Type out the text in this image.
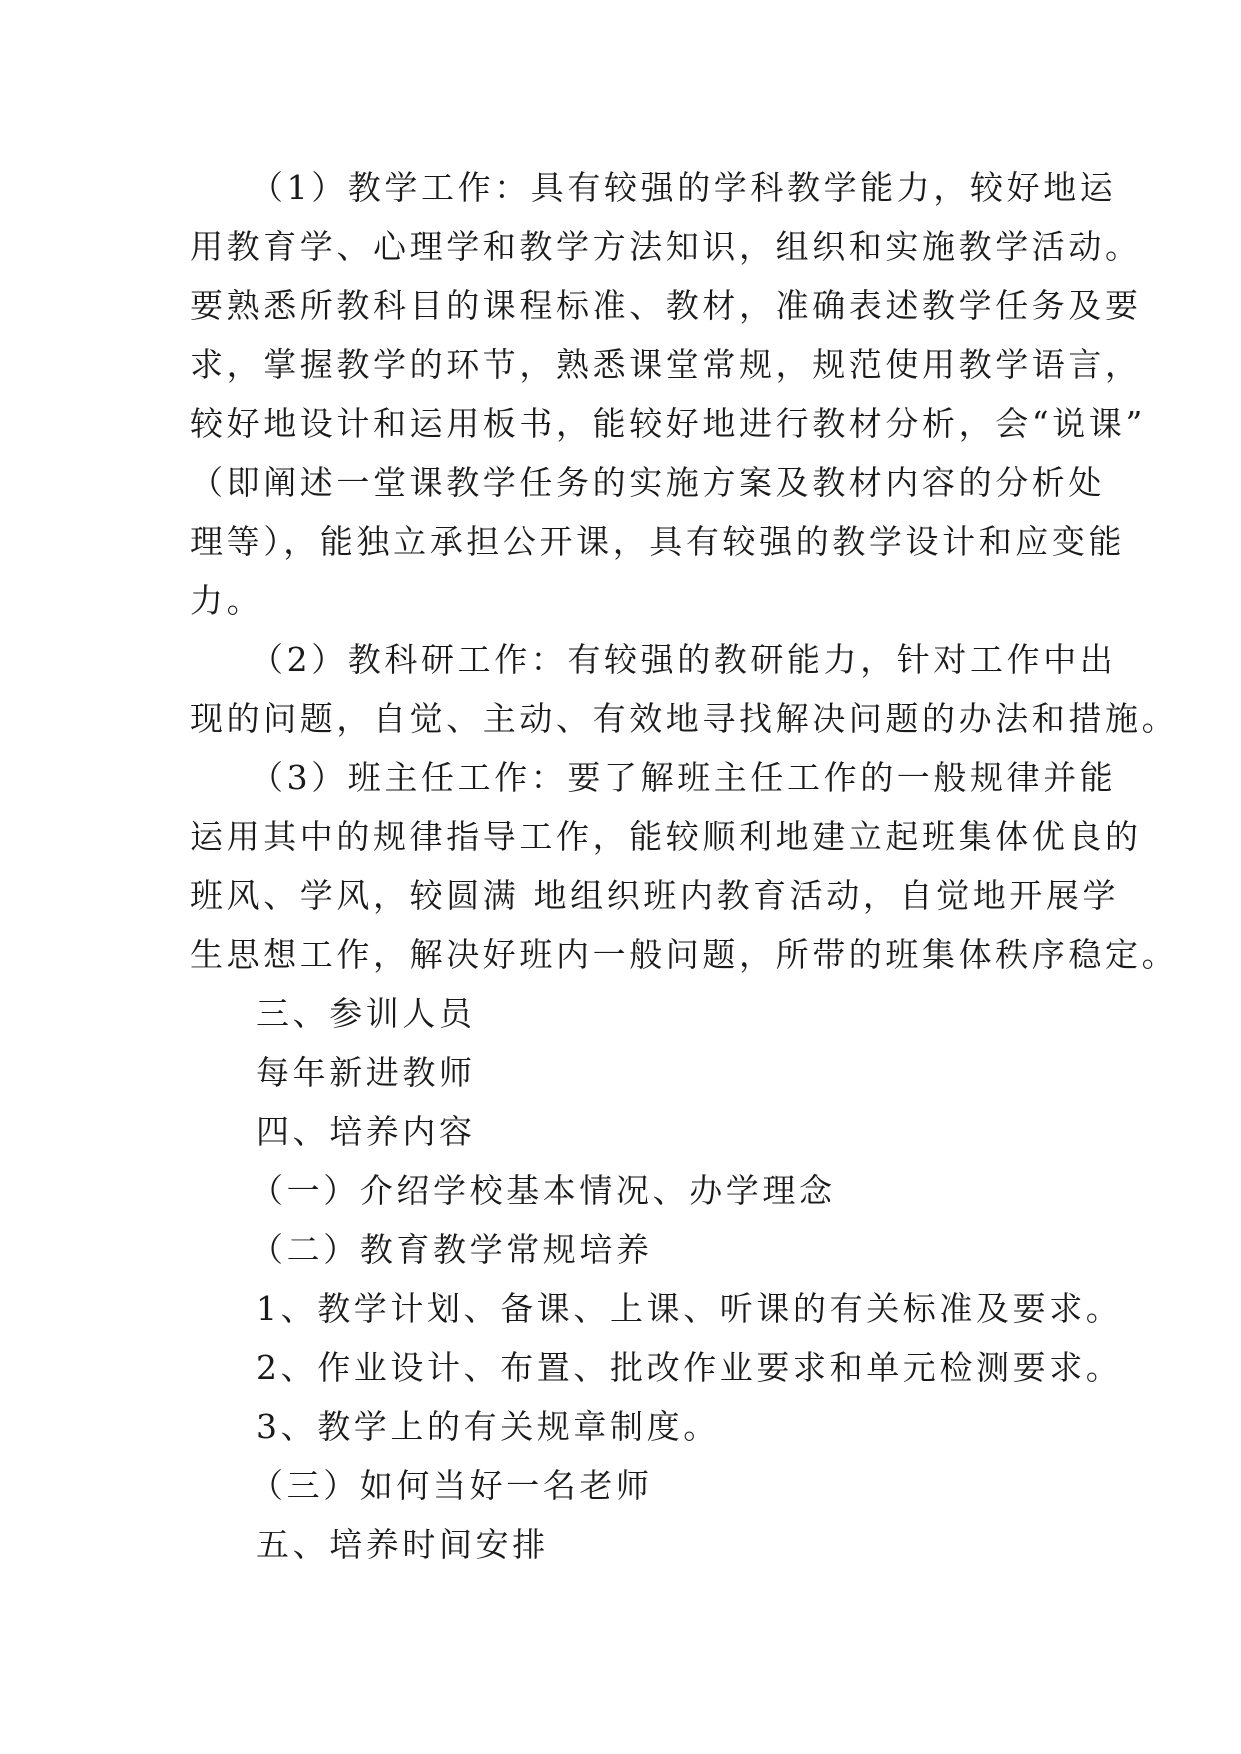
（1）教学工作：具有较强的学科教学能力，较好地运
用教育学、心理学和教学方法知识，组织和实施教学活动。
要熟悉所教科目的课程标准、教材，准确表述教学任务及要
求，掌握教学的环节，熟悉课堂常规，规范使用教学语言，
较好地设计和运用板书，能较好地进行教材分析，会“说课”
（即阐述一堂课教学任务的实施方案及教材内容的分析处
理等），能独立承担公开课，具有较强的教学设计和应变能
力。
（2）教科研工作：有较强的教研能力，针对工作中出
现的问题，自觉、主动、有效地寻找解决问题的办法和措施。
（3）班主任工作：要了解班主任工作的一般规律并能
运用其中的规律指导工作，能较顺利地建立起班集体优良的
班风、学风，较圆满 地组织班内教育活动，自觉地开展学
生思想工作，解决好班内一般问题，所带的班集体秩序稳定。
三、参训人员
每年新进教师
四、培养内容
（一）介绍学校基本情况、办学理念
（二）教育教学常规培养
1、教学计划、备课、上课、听课的有关标准及要求。
2、作业设计、布置、批改作业要求和单元检测要求。
3、教学上的有关规章制度。
（三）如何当好一名老师
五、培养时间安排
